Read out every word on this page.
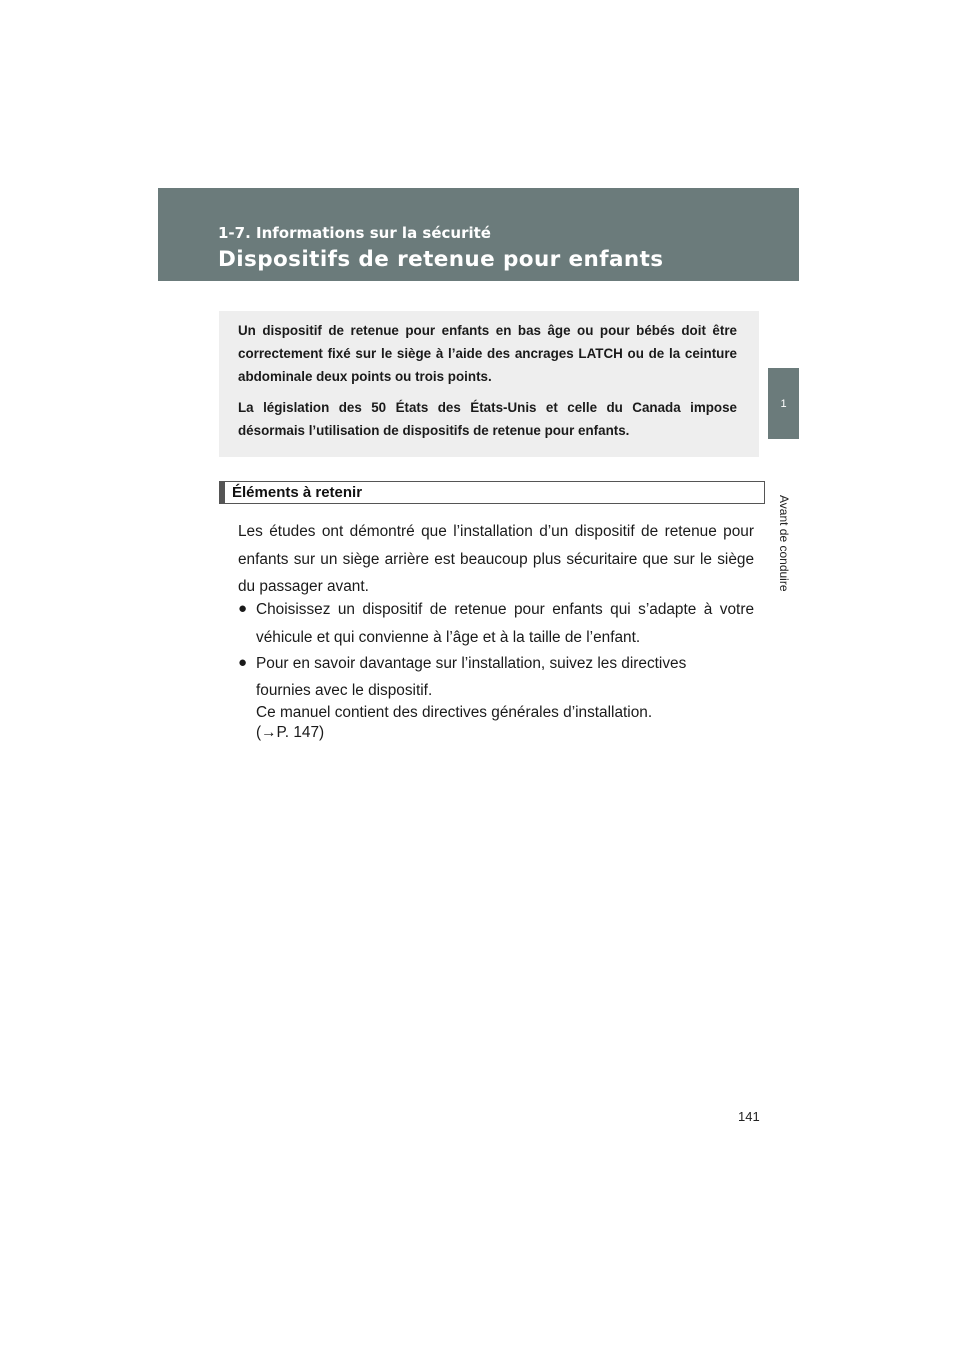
1-7. Informations sur la sécurité
Dispositifs de retenue pour enfants
1
Avant de conduire

Un dispositif de retenue pour enfants en bas âge ou pour bébés doit être correctement fixé sur le siège à l’aide des ancrages LATCH ou de la ceinture abdominale deux points ou trois points.

La législation des 50 États des États-Unis et celle du Canada impose désormais l’utilisation de dispositifs de retenue pour enfants.

Éléments à retenir

Les études ont démontré que l’installation d’un dispositif de retenue pour enfants sur un siège arrière est beaucoup plus sécuritaire que sur le siège du passager avant.

● Choisissez un dispositif de retenue pour enfants qui s’adapte à votre véhicule et qui convienne à l’âge et à la taille de l’enfant.

● Pour en savoir davantage sur l’installation, suivez les directives

fournies avec le dispositif.
Ce manuel contient des directives générales d’installation.
(→P. 147)
141
